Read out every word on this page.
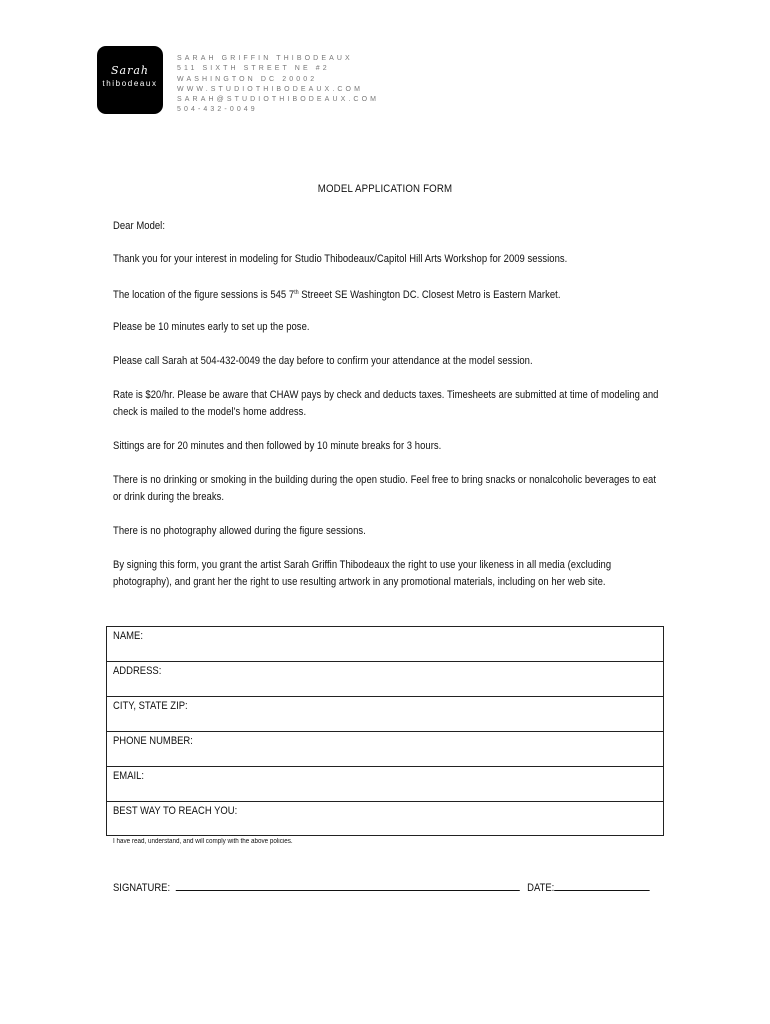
Sarah
thibodeaux
SARAH GRIFFIN THIBODEAUX
511 SIXTH STREET NE #2
WASHINGTON DC 20002
WWW.STUDIOTHIBODEAUX.COM
SARAH@STUDIOTHIBODEAUX.COM
504-432-0049
MODEL APPLICATION FORM
Dear Model:
Thank you for your interest in modeling for Studio Thibodeaux/Capitol Hill Arts Workshop for 2009 sessions.
The location of the figure sessions is 545 7th Streeet SE Washington DC. Closest Metro is Eastern Market.
Please be 10 minutes early to set up the pose.
Please call Sarah at 504-432-0049 the day before to confirm your attendance at the model session.
Rate is $20/hr. Please be aware that CHAW pays by check and deducts taxes. Timesheets are submitted at time of modeling and check is mailed to the model’s home address.
Sittings are for 20 minutes and then followed by 10 minute breaks for 3 hours.
There is no drinking or smoking in the building during the open studio. Feel free to bring snacks or nonalcoholic beverages to eat or drink during the breaks.
There is no photography allowed during the figure sessions.
By signing this form, you grant the artist Sarah Griffin Thibodeaux the right to use your likeness in all media (excluding photography), and grant her the right to use resulting artwork in any promotional materials, including on her web site.
NAME:
ADDRESS:
CITY, STATE ZIP:
PHONE NUMBER:
EMAIL:
BEST WAY TO REACH YOU:
I have read, understand, and will comply with the above policies.
SIGNATURE:	DATE:
